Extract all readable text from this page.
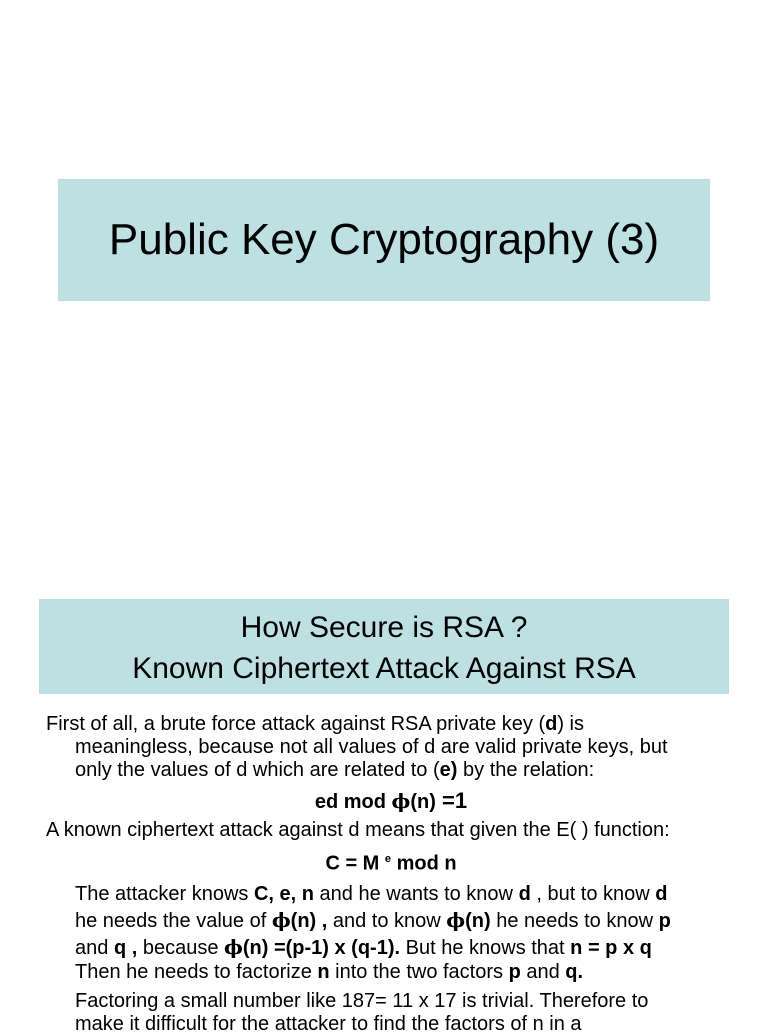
Public Key Cryptography (3)
How Secure is RSA ?
Known Ciphertext Attack Against RSA
First of all, a brute force attack against RSA private key (d) is
meaningless, because not all values of d are valid private keys, but
only the values of d which are related to (e) by the relation:
ed mod ϕ(n) =1
A known ciphertext attack against d means that given the E( ) function:
C = M $^e$ mod n
The attacker knows C, e, n and he wants to know d , but to know d
he needs the value of ϕ(n) , and to know ϕ(n) he needs to know p
and q , because ϕ(n) =(p-1) x (q-1). But he knows that n = p x q
Then he needs to factorize n into the two factors p and q.
Factoring a small number like 187= 11 x 17 is trivial. Therefore to
make it difficult for the attacker to find the factors of n in a
